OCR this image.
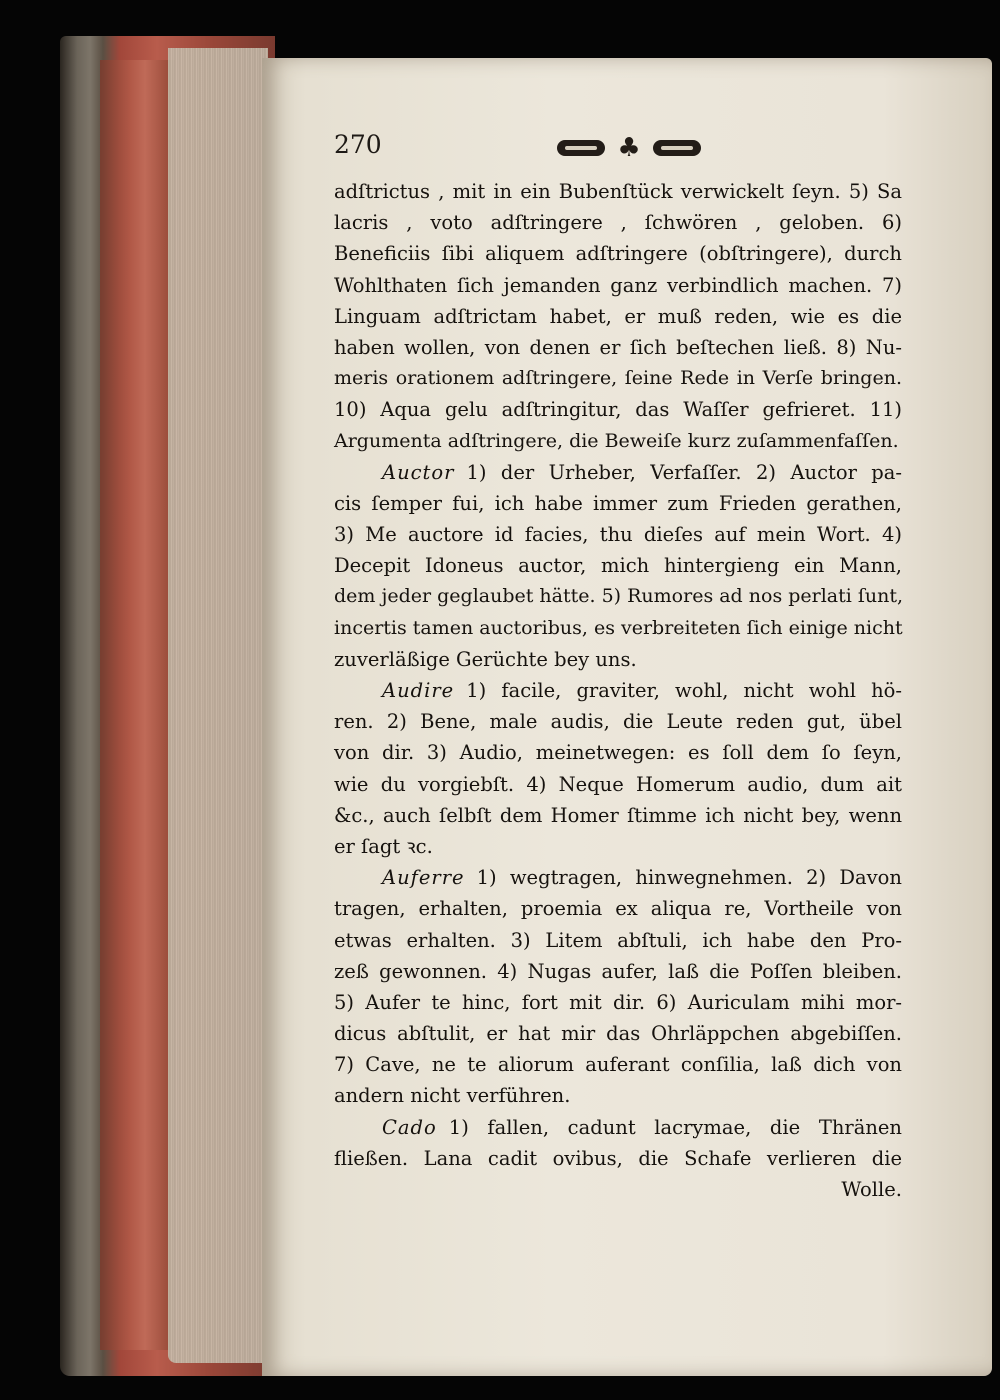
270	♣
adſtrictus , mit in ein Bubenſtück verwickelt ſeyn. 5) Sa
lacris , voto adſtringere , ſchwören , geloben. 6)
Beneficiis ſibi aliquem adſtringere (obſtringere), durch
Wohlthaten ſich jemanden ganz verbindlich machen. 7)
Linguam adſtrictam habet, er muß reden, wie es die
haben wollen, von denen er ſich beſtechen ließ. 8) Nu-
meris orationem adſtringere, ſeine Rede in Verſe bringen.
10) Aqua gelu adſtringitur, das Waſſer gefrieret. 11)
Argumenta adſtringere, die Beweiſe kurz zuſammenfaſſen.
Auctor 1) der Urheber, Verfaſſer. 2) Auctor pa-
cis ſemper fui, ich habe immer zum Frieden gerathen,
3) Me auctore id facies, thu dieſes auf mein Wort. 4)
Decepit Idoneus auctor, mich hintergieng ein Mann,
dem jeder geglaubet hätte. 5) Rumores ad nos perlati ſunt,
incertis tamen auctoribus, es verbreiteten ſich einige nicht
zuverläßige Gerüchte bey uns.
Audire 1) facile, graviter, wohl, nicht wohl hö-
ren. 2) Bene, male audis, die Leute reden gut, übel
von dir. 3) Audio, meinetwegen: es ſoll dem ſo ſeyn,
wie du vorgiebſt. 4) Neque Homerum audio, dum ait
&c., auch ſelbſt dem Homer ſtimme ich nicht bey, wenn
er ſagt ꝛc.
Auferre 1) wegtragen, hinwegnehmen. 2) Davon
tragen, erhalten, proemia ex aliqua re, Vortheile von
etwas erhalten. 3) Litem abſtuli, ich habe den Pro-
zeß gewonnen. 4) Nugas aufer, laß die Poſſen bleiben.
5) Aufer te hinc, fort mit dir. 6) Auriculam mihi mor-
dicus abſtulit, er hat mir das Ohrläppchen abgebiſſen.
7) Cave, ne te aliorum auferant conſilia, laß dich von
andern nicht verführen.
Cado 1) fallen, cadunt lacrymae, die Thränen
fließen. Lana cadit ovibus, die Schafe verlieren die
Wolle.
